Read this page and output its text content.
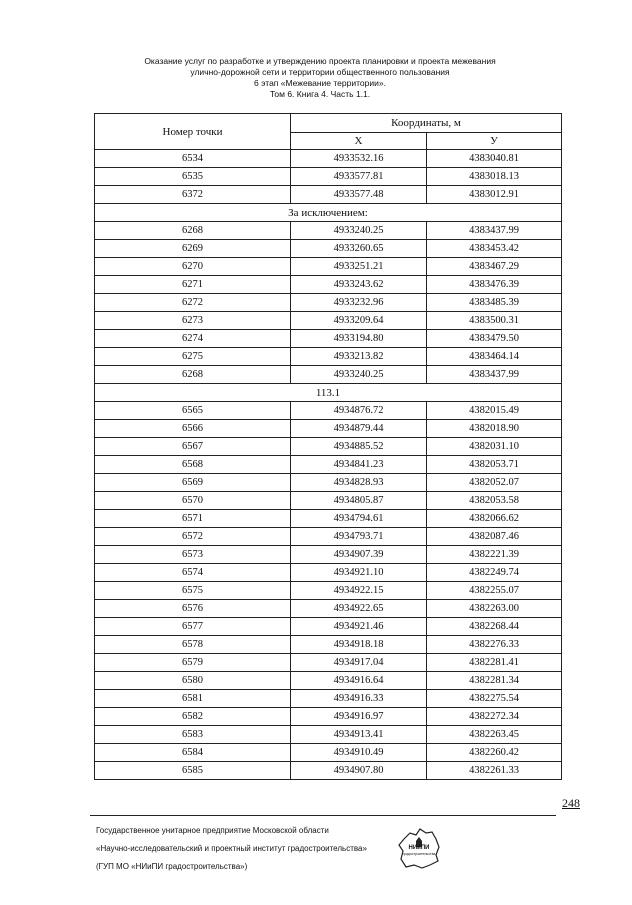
Оказание услуг по разработке и утверждению проекта планировки и проекта межевания
улично-дорожной сети и территории общественного пользования
6 этап «Межевание территории».
Том 6. Книга 4. Часть 1.1.
Номер точки	Координаты, м	
	X	У
6534	4933532.16	4383040.81
6535	4933577.81	4383018.13
6372	4933577.48	4383012.91
За исключением:		
6268	4933240.25	4383437.99
6269	4933260.65	4383453.42
6270	4933251.21	4383467.29
6271	4933243.62	4383476.39
6272	4933232.96	4383485.39
6273	4933209.64	4383500.31
6274	4933194.80	4383479.50
6275	4933213.82	4383464.14
6268	4933240.25	4383437.99
113.1		
6565	4934876.72	4382015.49
6566	4934879.44	4382018.90
6567	4934885.52	4382031.10
6568	4934841.23	4382053.71
6569	4934828.93	4382052.07
6570	4934805.87	4382053.58
6571	4934794.61	4382066.62
6572	4934793.71	4382087.46
6573	4934907.39	4382221.39
6574	4934921.10	4382249.74
6575	4934922.15	4382255.07
6576	4934922.65	4382263.00
6577	4934921.46	4382268.44
6578	4934918.18	4382276.33
6579	4934917.04	4382281.41
6580	4934916.64	4382281.34
6581	4934916.33	4382275.54
6582	4934916.97	4382272.34
6583	4934913.41	4382263.45
6584	4934910.49	4382260.42
6585	4934907.80	4382261.33
248
Государственное унитарное предприятие Московской области
«Научно-исследовательский и проектный институт градостроительства»
(ГУП МО «НИиПИ градостроительства»)
НИиПИ
градостроительства
